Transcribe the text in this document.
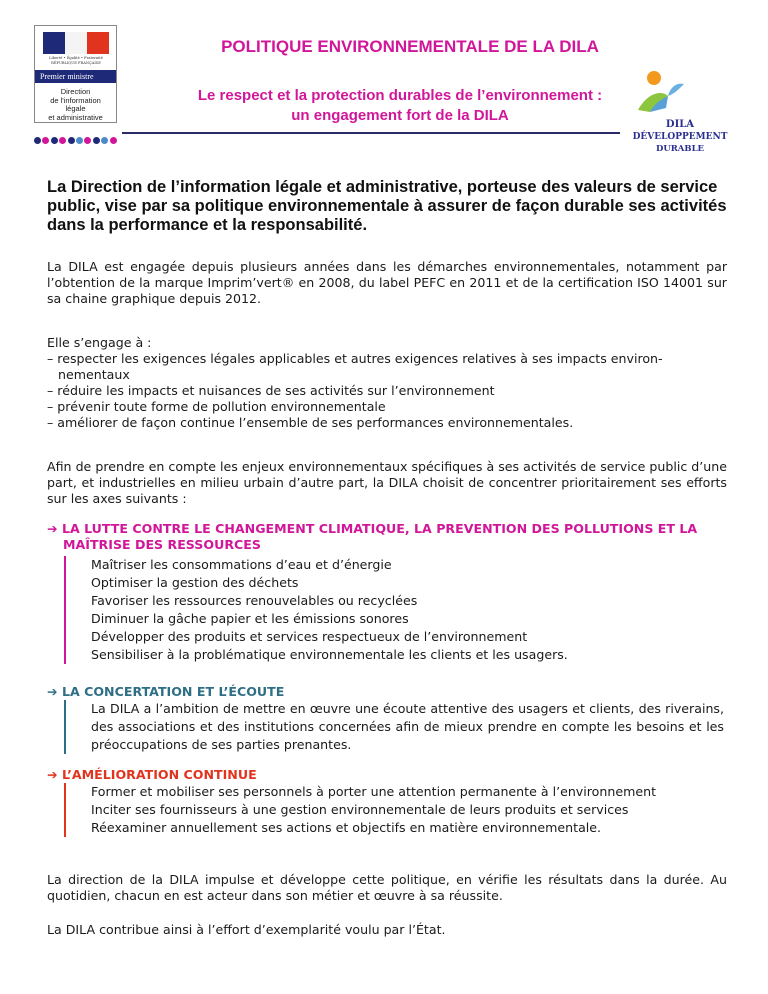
Liberté • Égalité • Fraternité
RÉPUBLIQUE FRANÇAISE
Premier ministre
Direction
de l'information
légale
et administrative
POLITIQUE ENVIRONNEMENTALE DE LA DILA
Le respect et la protection durables de l’environnement :
un engagement fort de la DILA
DILA
DÉVELOPPEMENT
DURABLE
La Direction de l’information légale et administrative, porteuse des valeurs de service public, vise par sa politique environnementale à assurer de façon durable ses activités dans la performance et la responsabilité.
La DILA est engagée depuis plusieurs années dans les démarches environnementales, notamment par l’obtention de la marque Imprim’vert® en 2008, du label PEFC en 2011 et de la certification ISO 14001 sur sa chaine graphique depuis 2012.
Elle s’engage à :
– respecter les exigences légales applicables et autres exigences relatives à ses impacts environ-
nementaux
– réduire les impacts et nuisances de ses activités sur l’environnement
– prévenir toute forme de pollution environnementale
– améliorer de façon continue l’ensemble de ses performances environnementales.
Afin de prendre en compte les enjeux environnementaux spécifiques à ses activités de service public d’une part, et industrielles en milieu urbain d’autre part, la DILA choisit de concentrer prioritairement ses efforts sur les axes suivants :
➔ LA LUTTE CONTRE LE CHANGEMENT CLIMATIQUE, LA PREVENTION DES POLLUTIONS ET LA
MAÎTRISE DES RESSOURCES
Maîtriser les consommations d’eau et d’énergie
Optimiser la gestion des déchets
Favoriser les ressources renouvelables ou recyclées
Diminuer la gâche papier et les émissions sonores
Développer des produits et services respectueux de l’environnement
Sensibiliser à la problématique environnementale les clients et les usagers.
➔ LA CONCERTATION ET L’ÉCOUTE
La DILA a l’ambition de mettre en œuvre une écoute attentive des usagers et clients, des riverains, des associations et des institutions concernées afin de mieux prendre en compte les besoins et les préoccupations de ses parties prenantes.
➔ L’AMÉLIORATION CONTINUE
Former et mobiliser ses personnels à porter une attention permanente à l’environnement
Inciter ses fournisseurs à une gestion environnementale de leurs produits et services
Réexaminer annuellement ses actions et objectifs en matière environnementale.
La direction de la DILA impulse et développe cette politique, en vérifie les résultats dans la durée. Au quotidien, chacun en est acteur dans son métier et œuvre à sa réussite.
La DILA contribue ainsi à l’effort d’exemplarité voulu par l’État.
